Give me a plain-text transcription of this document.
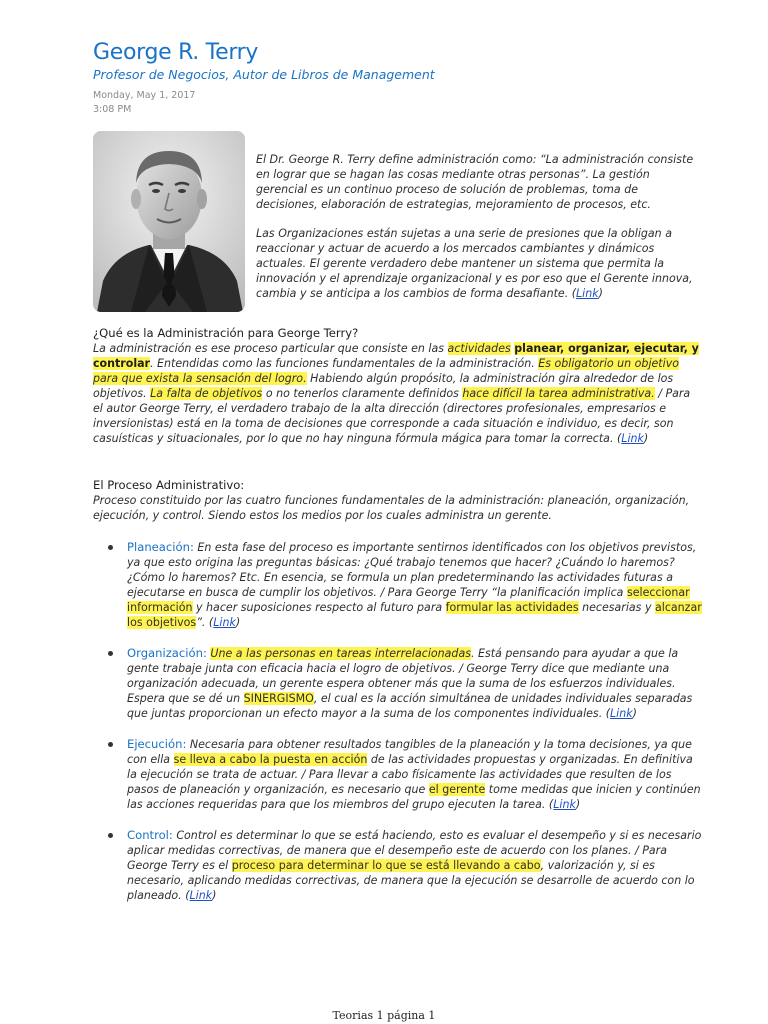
George R. Terry
Profesor de Negocios, Autor de Libros de Management
Monday, May 1, 2017
3:08 PM

El Dr. George R. Terry define administración como: “La administración consiste en lograr que se hagan las cosas mediante otras personas”. La gestión gerencial es un continuo proceso de solución de problemas, toma de decisiones, elaboración de estrategias, mejoramiento de procesos, etc.

Las Organizaciones están sujetas a una serie de presiones que la obligan a reaccionar y actuar de acuerdo a los mercados cambiantes y dinámicos actuales. El gerente verdadero debe mantener un sistema que permita la innovación y el aprendizaje organizacional y es por eso que el Gerente innova, cambia y se anticipa a los cambios de forma desafiante. (Link)

¿Qué es la Administración para George Terry?

La administración es ese proceso particular que consiste en las actividades planear, organizar, ejecutar, y controlar. Entendidas como las funciones fundamentales de la administración. Es obligatorio un objetivo para que exista la sensación del logro. Habiendo algún propósito, la administración gira alrededor de los objetivos. La falta de objetivos o no tenerlos claramente definidos hace difícil la tarea administrativa. / Para el autor George Terry, el verdadero trabajo de la alta dirección (directores profesionales, empresarios e inversionistas) está en la toma de decisiones que corresponde a cada situación e individuo, es decir, son casuísticas y situacionales, por lo que no hay ninguna fórmula mágica para tomar la correcta. (Link)

El Proceso Administrativo:

Proceso constituido por las cuatro funciones fundamentales de la administración: planeación, organización, ejecución, y control. Siendo estos los medios por los cuales administra un gerente.

Planeación: En esta fase del proceso es importante sentirnos identificados con los objetivos previstos, ya que esto origina las preguntas básicas: ¿Qué trabajo tenemos que hacer? ¿Cuándo lo haremos? ¿Cómo lo haremos? Etc. En esencia, se formula un plan predeterminando las actividades futuras a ejecutarse en busca de cumplir los objetivos. / Para George Terry “la planificación implica seleccionar información y hacer suposiciones respecto al futuro para formular las actividades necesarias y alcanzar los objetivos”. (Link)
Organización: Une a las personas en tareas interrelacionadas. Está pensando para ayudar a que la gente trabaje junta con eficacia hacia el logro de objetivos. / George Terry dice que mediante una organización adecuada, un gerente espera obtener más que la suma de los esfuerzos individuales. Espera que se dé un SINERGISMO, el cual es la acción simultánea de unidades individuales separadas que juntas proporcionan un efecto mayor a la suma de los componentes individuales. (Link)
Ejecución: Necesaria para obtener resultados tangibles de la planeación y la toma decisiones, ya que con ella se lleva a cabo la puesta en acción de las actividades propuestas y organizadas. En definitiva la ejecución se trata de actuar. / Para llevar a cabo físicamente las actividades que resulten de los pasos de planeación y organización, es necesario que el gerente tome medidas que inicien y continúen las acciones requeridas para que los miembros del grupo ejecuten la tarea. (Link)
Control: Control es determinar lo que se está haciendo, esto es evaluar el desempeño y si es necesario aplicar medidas correctivas, de manera que el desempeño este de acuerdo con los planes. / Para George Terry es el proceso para determinar lo que se está llevando a cabo, valorización y, si es necesario, aplicando medidas correctivas, de manera que la ejecución se desarrolle de acuerdo con lo planeado. (Link)
Teorias 1 página 1
